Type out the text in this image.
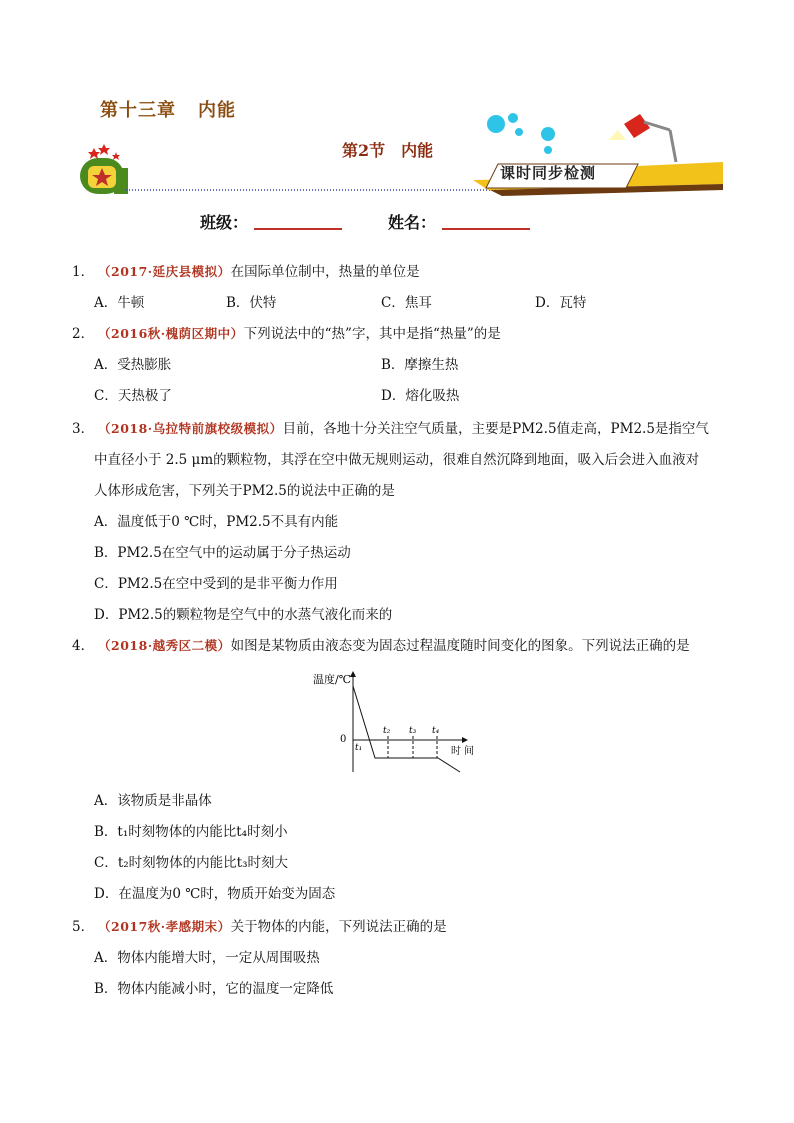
第十三章 内能
第2节 内能
课时同步检测
班级：	姓名：
1． （2017·延庆县模拟）在国际单位制中，热量的单位是
A．牛顿	B．伏特	C．焦耳	D．瓦特
2． （2016秋·槐荫区期中）下列说法中的“热”字，其中是指“热量”的是
A．受热膨胀	B．摩擦生热
C．天热极了	D．熔化吸热
3． （2018·乌拉特前旗校级模拟）目前，各地十分关注空气质量，主要是PM2.5值走高，PM2.5是指空气
中直径小于 2.5 μm的颗粒物，其浮在空中做无规则运动，很难自然沉降到地面，吸入后会进入血液对
人体形成危害，下列关于PM2.5的说法中正确的是
A．温度低于0 ℃时，PM2.5不具有内能
B．PM2.5在空气中的运动属于分子热运动
C．PM2.5在空中受到的是非平衡力作用
D．PM2.5的颗粒物是空气中的水蒸气液化而来的
4． （2018·越秀区二模）如图是某物质由液态变为固态过程温度随时间变化的图象。下列说法正确的是
温度/℃
0
时 间
t₁
t₂ t₃ t₄
A．该物质是非晶体
B．t₁时刻物体的内能比t₄时刻小
C．t₂时刻物体的内能比t₃时刻大
D．在温度为0 ℃时，物质开始变为固态
5． （2017秋·孝感期末）关于物体的内能，下列说法正确的是
A．物体内能增大时，一定从周围吸热
B．物体内能减小时，它的温度一定降低
